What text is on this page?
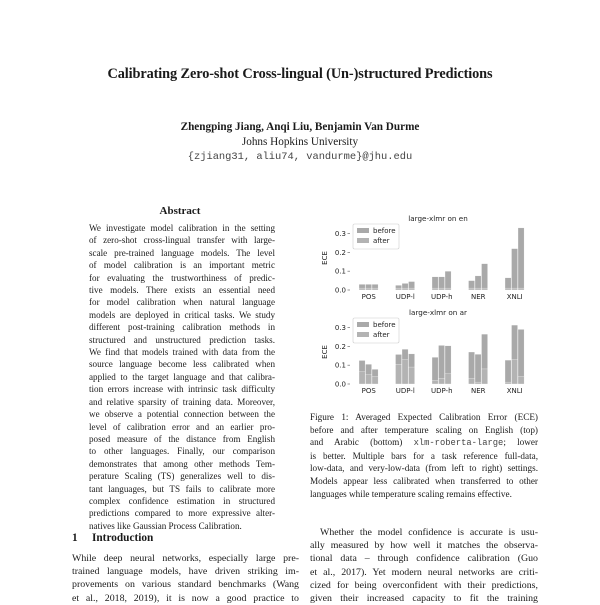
Calibrating Zero-shot Cross-lingual (Un-)structured Predictions
Zhengping Jiang, Anqi Liu, Benjamin Van Durme
Johns Hopkins University
{zjiang31, aliu74, vandurme}@jhu.edu
Abstract
We investigate model calibration in the setting
of zero-shot cross-lingual transfer with large-
scale pre-trained language models. The level
of model calibration is an important metric
for evaluating the trustworthiness of predic-
tive models. There exists an essential need
for model calibration when natural language
models are deployed in critical tasks. We study
different post-training calibration methods in
structured and unstructured prediction tasks.
We find that models trained with data from the
source language become less calibrated when
applied to the target language and that calibra-
tion errors increase with intrinsic task difficulty
and relative sparsity of training data. Moreover,
we observe a potential connection between the
level of calibration error and an earlier pro-
posed measure of the distance from English
to other languages. Finally, our comparison
demonstrates that among other methods Tem-
perature Scaling (TS) generalizes well to dis-
tant languages, but TS fails to calibrate more
complex confidence estimation in structured
predictions compared to more expressive alter-
natives like Gaussian Process Calibration.
1 Introduction
While deep neural networks, especially large pre-
trained language models, have driven striking im-
provements on various standard benchmarks (Wang
et al., 2018, 2019), it is now a good practice to
large-xlmr on en
ECE
0.0
0.1
0.2
0.3
POS	UDP-l UDP-h	NER	XNLI
before
after
large-xlmr on ar
ECE
0.0
0.1
0.2
0.3
POS	UDP-l UDP-h	NER	XNLI
before
after
Figure 1: Averaged Expected Calibration Error (ECE)
before and after temperature scaling on English (top)
and Arabic (bottom) xlm-roberta-large; lower
is better. Multiple bars for a task reference full-data,
low-data, and very-low-data (from left to right) settings.
Models appear less calibrated when transferred to other
languages while temperature scaling remains effective.
Whether the model confidence is accurate is usu-
ally measured by how well it matches the observa-
tional data – through confidence calibration (Guo
et al., 2017). Yet modern neural networks are criti-
cized for being overconfident with their predictions,
given their increased capacity to fit the training
